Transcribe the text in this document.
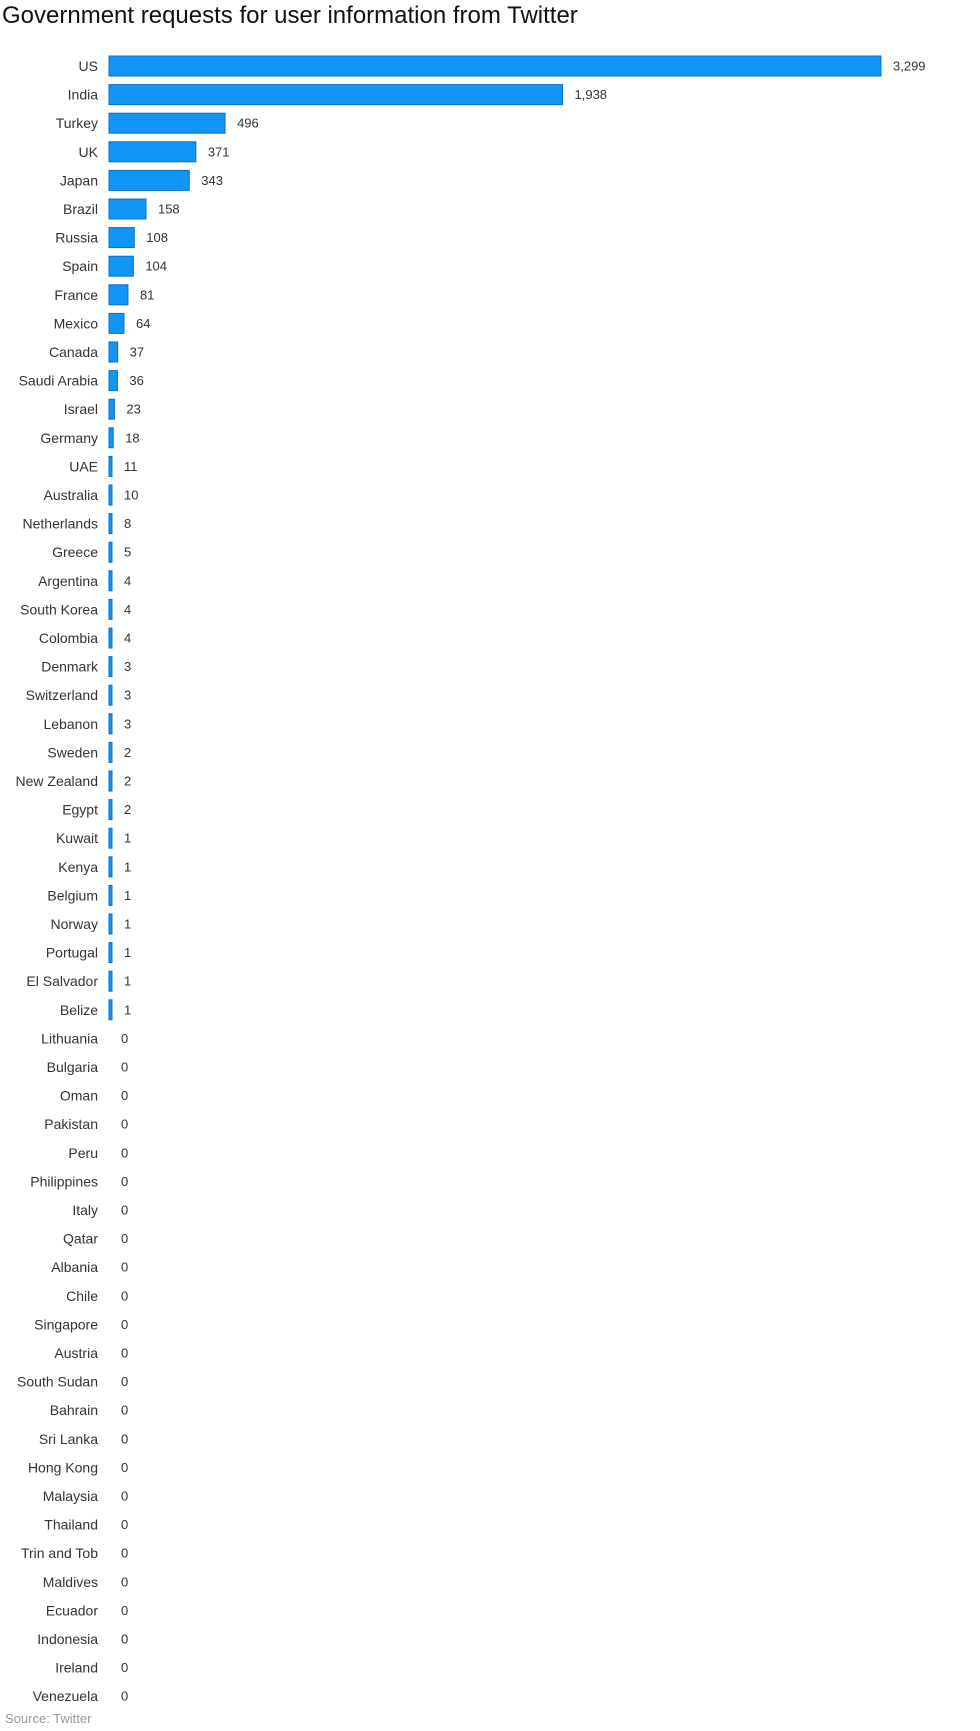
Government requests for user information from Twitter
US	3,299
India	1,938
Turkey	496
UK	371
Japan	343
Brazil	158
Russia	108
Spain	104
France	81
Mexico	64
Canada 37
Saudi Arabia 36
Israel 23
Germany 18
UAE 11
Australia 10
Netherlands 8
Greece 5
Argentina 4
South Korea 4
Colombia 4
Denmark 3
Switzerland 3
Lebanon 3
Sweden 2
New Zealand 2
Egypt 2
Kuwait 1
Kenya 1
Belgium 1
Norway 1
Portugal 1
El Salvador 1
Belize 1
Lithuania 0
Bulgaria 0
Oman 0
Pakistan 0
Peru 0
Philippines 0
Italy 0
Qatar 0
Albania 0
Chile 0
Singapore 0
Austria 0
South Sudan 0
Bahrain 0
Sri Lanka 0
Hong Kong 0
Malaysia 0
Thailand 0
Trin and Tob 0
Maldives 0
Ecuador 0
Indonesia 0
Ireland 0
Venezuela 0
Source: Twitter
